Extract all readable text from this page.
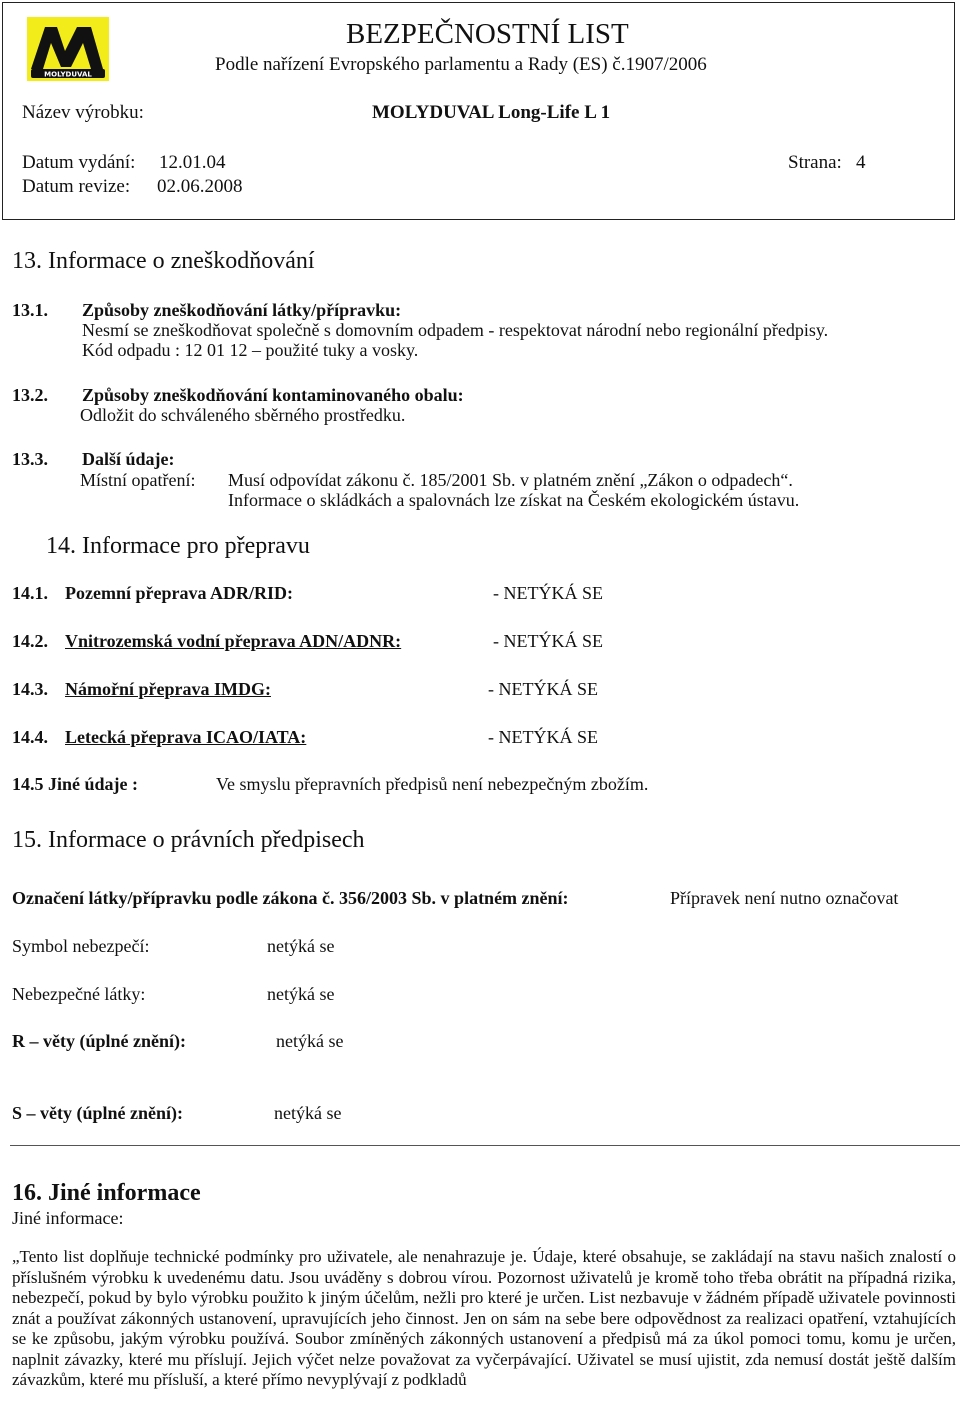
MOLYDUVAL
BEZPEČNOSTNÍ LIST
Podle nařízení Evropského parlamentu a Rady (ES) č.1907/2006
Název výrobku:	MOLYDUVAL Long-Life L 1
Datum vydání: 12.01.04	Strana: 4
Datum revize: 02.06.2008
13. Informace o zneškodňování
13.1. Způsoby zneškodňování látky/přípravku:
Nesmí se zneškodňovat společně s domovním odpadem - respektovat národní nebo regionální předpisy.
Kód odpadu : 12 01 12 – použité tuky a vosky.
13.2. Způsoby zneškodňování kontaminovaného obalu:
Odložit do schváleného sběrného prostředku.
13.3. Další údaje:
Místní opatření: Musí odpovídat zákonu č. 185/2001 Sb. v platném znění „Zákon o odpadech“.
Informace o skládkách a spalovnách lze získat na Českém ekologickém ústavu.
14. Informace pro přepravu
14.1. Pozemní přeprava ADR/RID:	- NETÝKÁ SE
14.2. Vnitrozemská vodní přeprava ADN/ADNR:	- NETÝKÁ SE
14.3. Námořní přeprava IMDG:	- NETÝKÁ SE
14.4. Letecká přeprava ICAO/IATA:	- NETÝKÁ SE
14.5 Jiné údaje :	Ve smyslu přepravních předpisů není nebezpečným zbožím.
15. Informace o právních předpisech
Označení látky/přípravku podle zákona č. 356/2003 Sb. v platném znění:	Přípravek není nutno označovat
Symbol nebezpečí:	netýká se
Nebezpečné látky:	netýká se
R – věty (úplné znění):	netýká se
S – věty (úplné znění):	netýká se
16. Jiné informace
Jiné informace:

„Tento list doplňuje technické podmínky pro uživatele, ale nenahrazuje je. Údaje, které obsahuje, se zakládají na stavu našich znalostí o příslušném výrobku k uvedenému datu. Jsou uváděny s dobrou vírou. Pozornost uživatelů je kromě toho třeba obrátit na případná rizika, nebezpečí, pokud by bylo výrobku použito k jiným účelům, nežli pro které je určen. List nezbavuje v žádném případě uživatele povinnosti znát a používat zákonných ustanovení, upravujících jeho činnost. Jen on sám na sebe bere odpovědnost za realizaci opatření, vztahujících se ke způsobu, jakým výrobku používá. Soubor zmíněných zákonných ustanovení a předpisů má za úkol pomoci tomu, komu je určen, naplnit závazky, které mu příslují. Jejich výčet nelze považovat za vyčerpávající. Uživatel se musí ujistit, zda nemusí dostát ještě dalším závazkům, které mu přísluší, a které přímo nevyplývají z podkladů
